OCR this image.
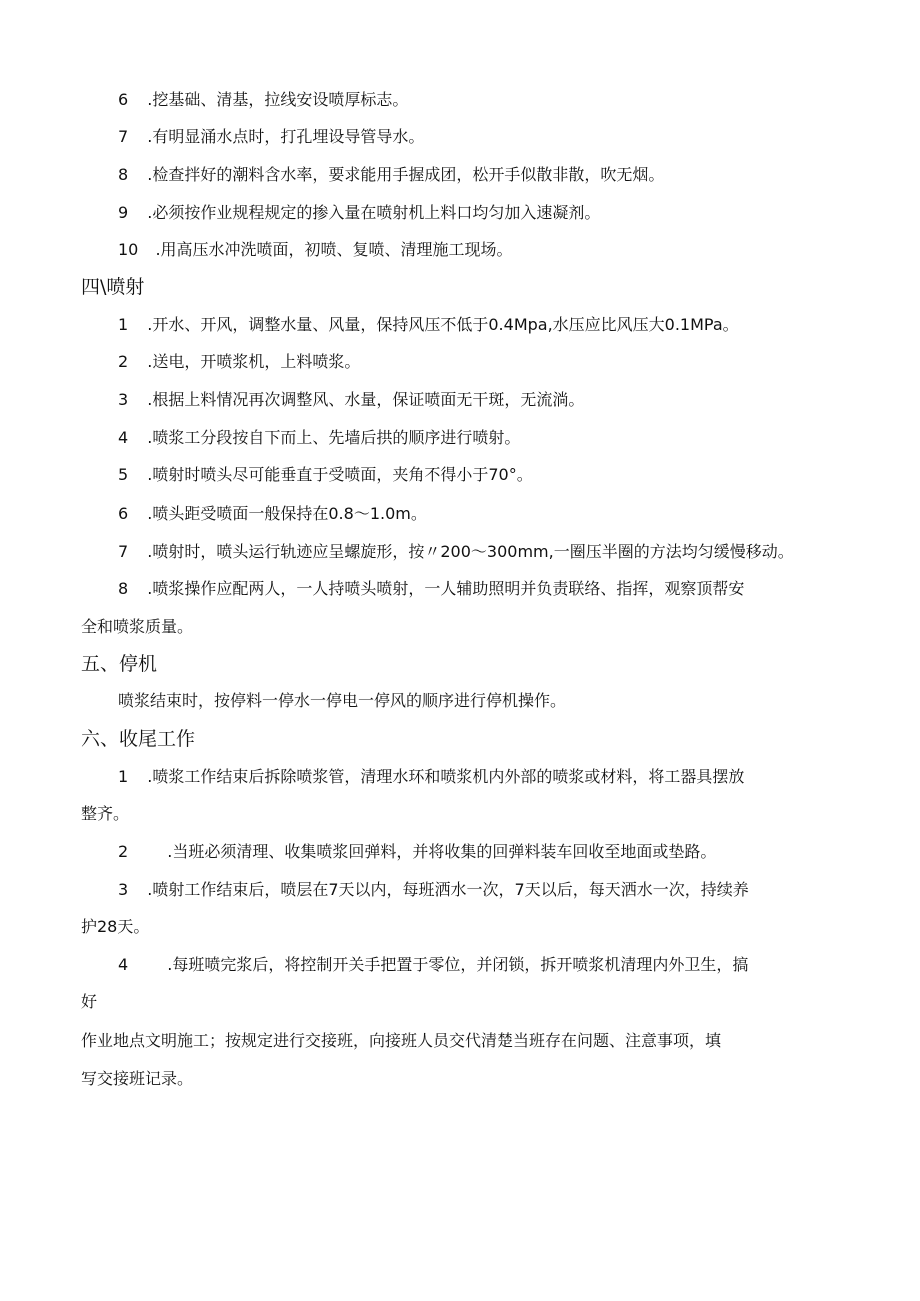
6 .挖基础、清基，拉线安设喷厚标志。
7 .有明显涌水点时，打孔埋设导管导水。
8 .检查拌好的潮料含水率，要求能用手握成团，松开手似散非散，吹无烟。
9 .必须按作业规程规定的掺入量在喷射机上料口均匀加入速凝剂。
10 .用高压水冲洗喷面，初喷、复喷、清理施工现场。
四\喷射
1 .开水、开风，调整水量、风量，保持风压不低于0.4Mpa,水压应比风压大0.1MPa。
2 .送电，开喷浆机，上料喷浆。
3 .根据上料情况再次调整风、水量，保证喷面无干斑，无流淌。
4 .喷浆工分段按自下而上、先墙后拱的顺序进行喷射。
5 .喷射时喷头尽可能垂直于受喷面，夹角不得小于70°。
6 .喷头距受喷面一般保持在0.8〜1.0m。
7 .喷射时，喷头运行轨迹应呈螺旋形，按〃200〜300mm,一圈压半圈的方法均匀缓慢移动。
8 .喷浆操作应配两人，一人持喷头喷射，一人辅助照明并负责联络、指挥，观察顶帮安
全和喷浆质量。
五、停机
喷浆结束时，按停料一停水一停电一停风的顺序进行停机操作。
六、收尾工作
1 .喷浆工作结束后拆除喷浆管，清理水环和喷浆机内外部的喷浆或材料，将工器具摆放
整齐。
2 .当班必须清理、收集喷浆回弹料，并将收集的回弹料装车回收至地面或垫路。
3 .喷射工作结束后，喷层在7天以内，每班洒水一次，7天以后，每天洒水一次，持续养
护28天。
4 .每班喷完浆后，将控制开关手把置于零位，并闭锁，拆开喷浆机清理内外卫生，搞
好
作业地点文明施工；按规定进行交接班，向接班人员交代清楚当班存在问题、注意事项，填
写交接班记录。
